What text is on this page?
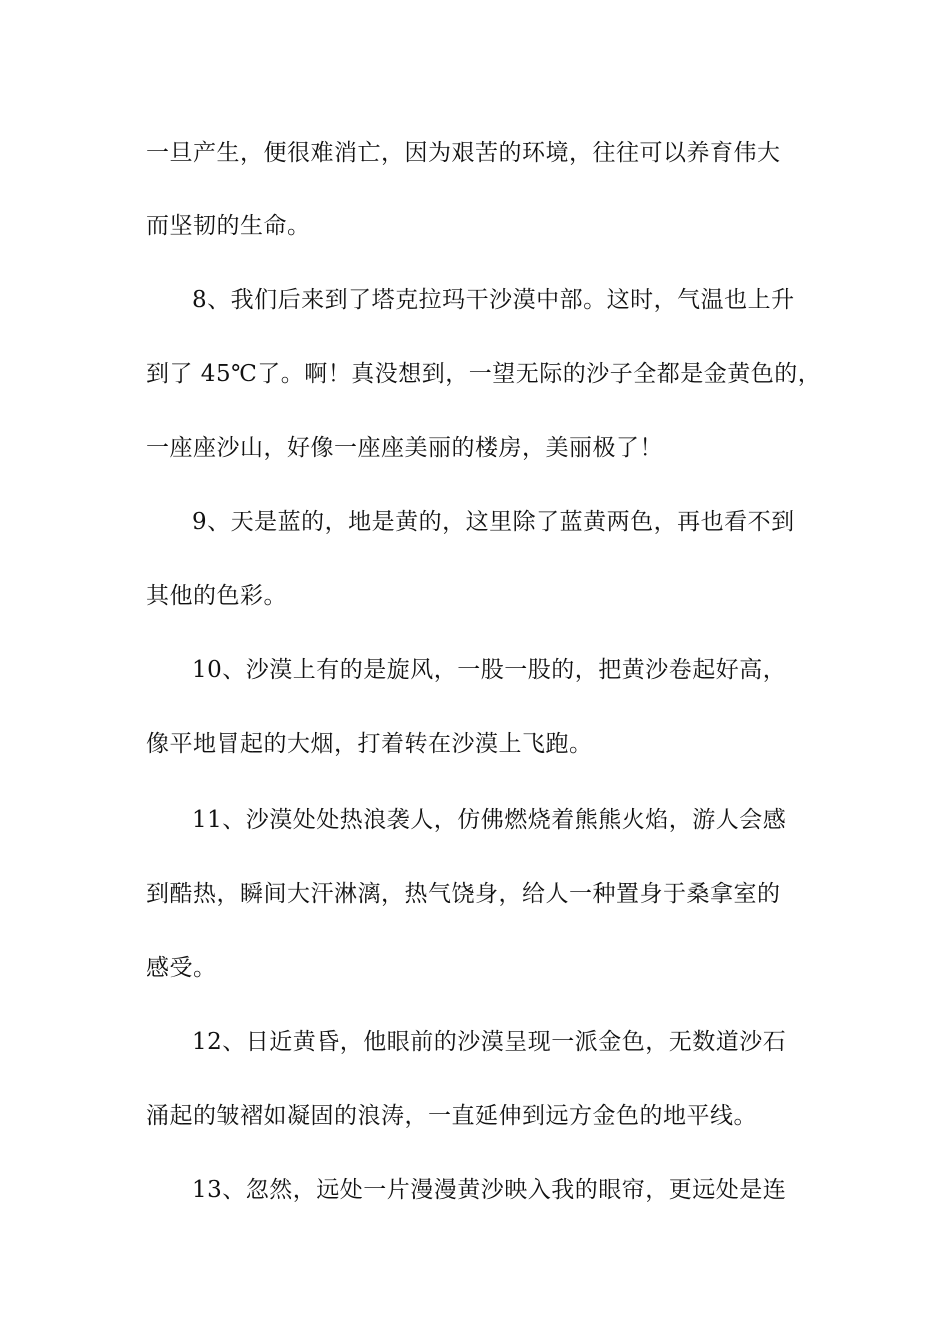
一旦产生，便很难消亡，因为艰苦的环境，往往可以养育伟大

而坚韧的生命。

8、我们后来到了塔克拉玛干沙漠中部。这时，气温也上升

到了 45℃了。啊！真没想到，一望无际的沙子全都是金黄色的，

一座座沙山，好像一座座美丽的楼房，美丽极了！

9、天是蓝的，地是黄的，这里除了蓝黄两色，再也看不到

其他的色彩。

10、沙漠上有的是旋风，一股一股的，把黄沙卷起好高，

像平地冒起的大烟，打着转在沙漠上飞跑。

11、沙漠处处热浪袭人，仿佛燃烧着熊熊火焰，游人会感

到酷热，瞬间大汗淋漓，热气饶身，给人一种置身于桑拿室的

感受。

12、日近黄昏，他眼前的沙漠呈现一派金色，无数道沙石

涌起的皱褶如凝固的浪涛，一直延伸到远方金色的地平线。

13、忽然，远处一片漫漫黄沙映入我的眼帘，更远处是连
